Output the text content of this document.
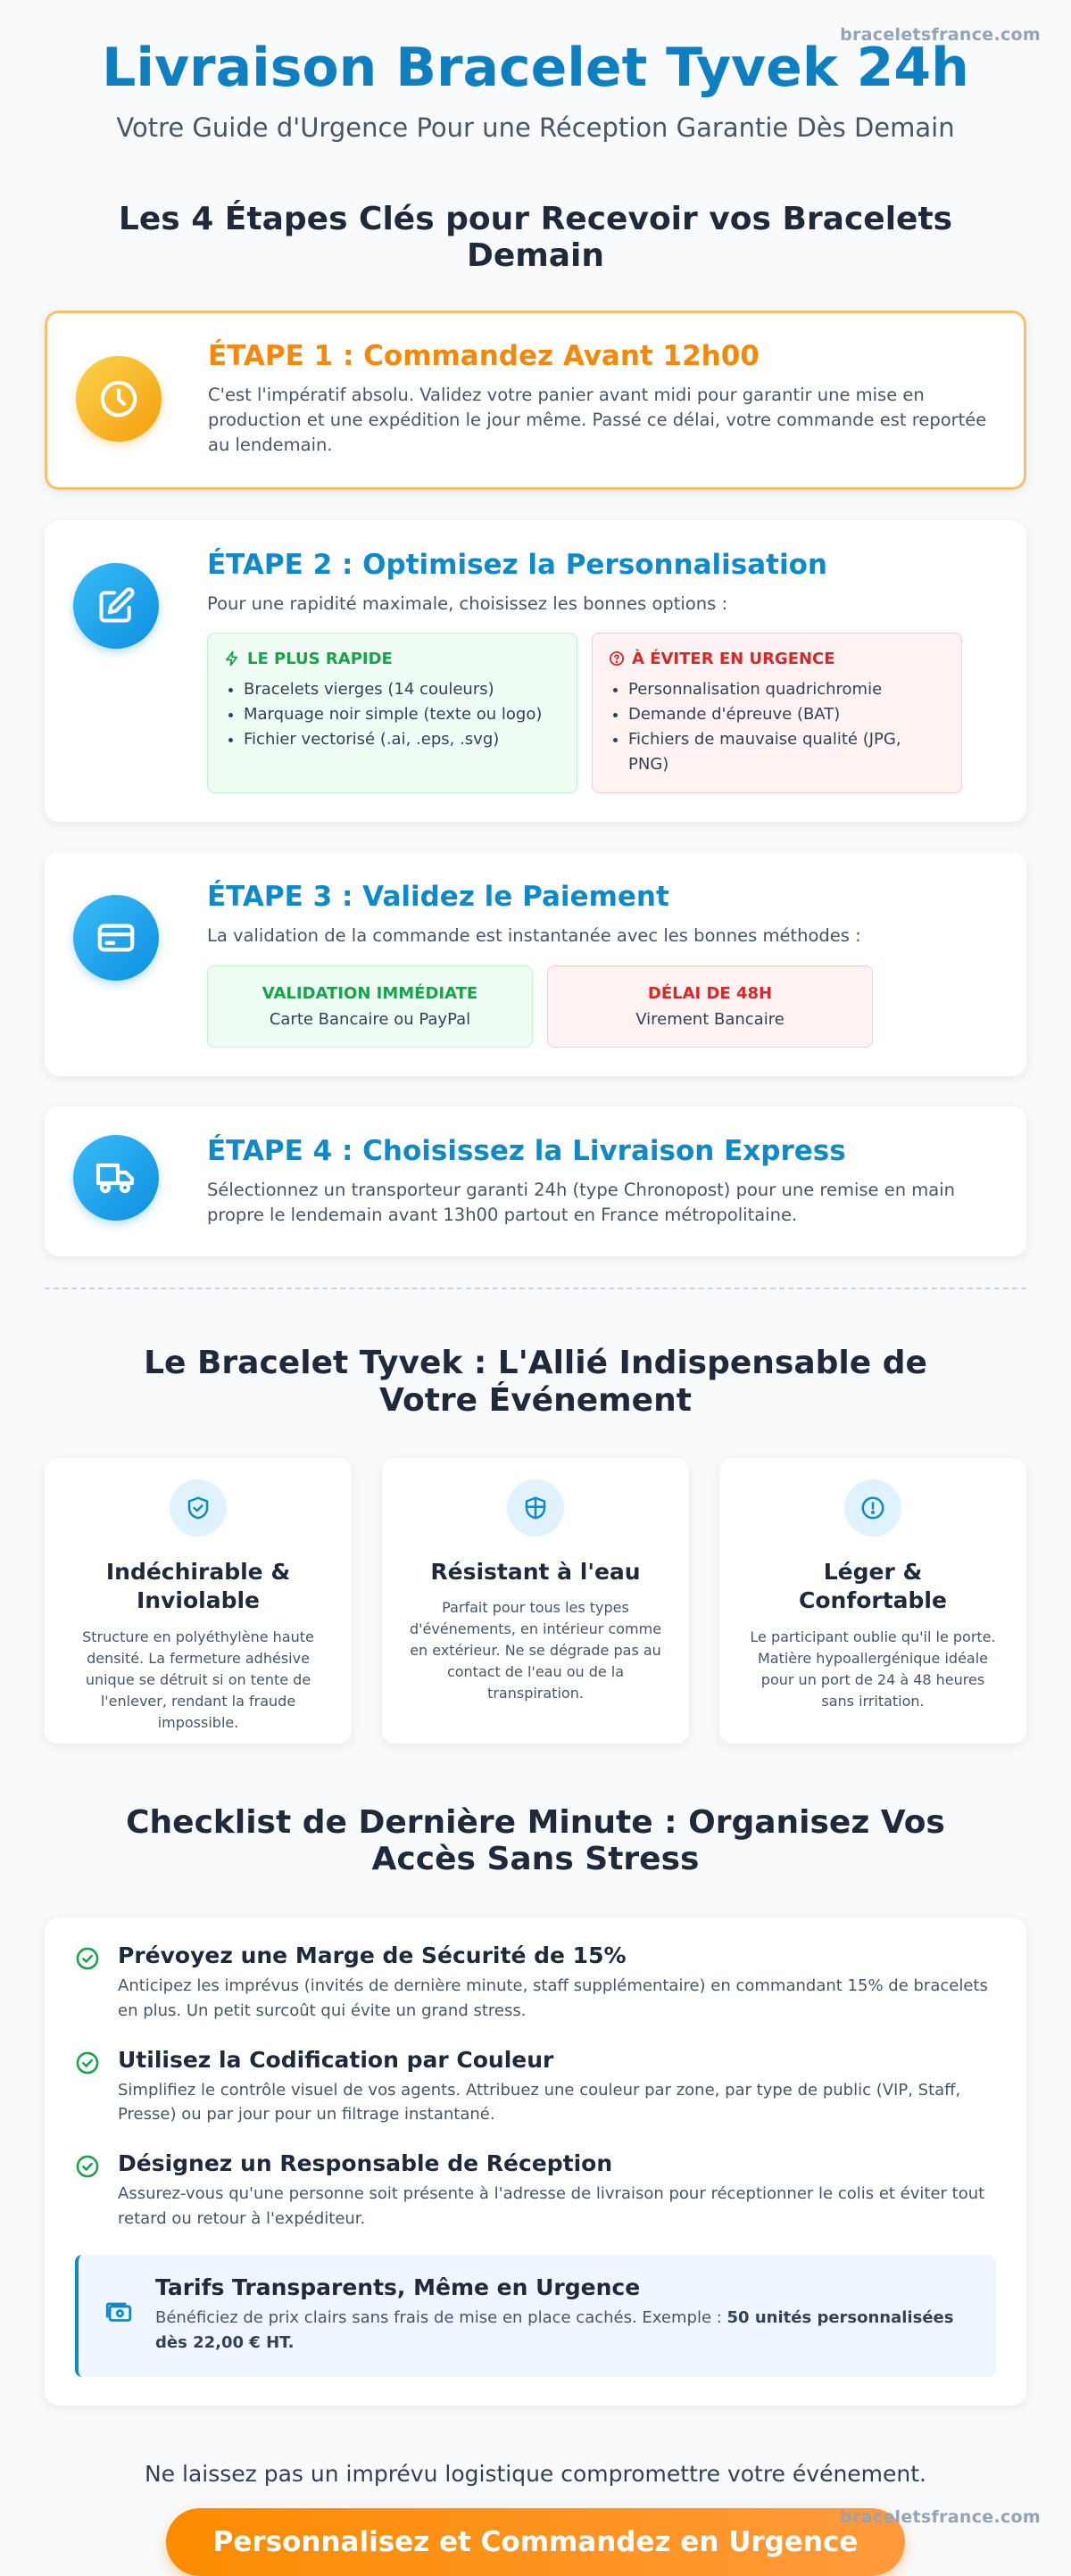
braceletsfrance.com
Livraison Bracelet Tyvek 24h

Votre Guide d'Urgence Pour une Réception Garantie Dès Demain

Les 4 Étapes Clés pour Recevoir vos Bracelets Demain
ÉTAPE 1 : Commandez Avant 12h00

C'est l'impératif absolu. Validez votre panier avant midi pour garantir une mise en production et une expédition le jour même. Passé ce délai, votre commande est reportée au lendemain.

ÉTAPE 2 : Optimisez la Personnalisation

Pour une rapidité maximale, choisissez les bonnes options :

LE PLUS RAPIDE
• Bracelets vierges (14 couleurs)
• Marquage noir simple (texte ou logo)
• Fichier vectorisé (.ai, .eps, .svg)
À ÉVITER EN URGENCE
• Personnalisation quadrichromie
• Demande d'épreuve (BAT)
• Fichiers de mauvaise qualité (JPG, PNG)
ÉTAPE 3 : Validez le Paiement

La validation de la commande est instantanée avec les bonnes méthodes :

VALIDATION IMMÉDIATE
Carte Bancaire ou PayPal
DÉLAI DE 48H
Virement Bancaire
ÉTAPE 4 : Choisissez la Livraison Express

Sélectionnez un transporteur garanti 24h (type Chronopost) pour une remise en main propre le lendemain avant 13h00 partout en France métropolitaine.

Le Bracelet Tyvek : L'Allié Indispensable de Votre Événement
Indéchirable & Inviolable

Structure en polyéthylène haute densité. La fermeture adhésive unique se détruit si on tente de l'enlever, rendant la fraude impossible.

Résistant à l'eau

Parfait pour tous les types d'événements, en intérieur comme en extérieur. Ne se dégrade pas au contact de l'eau ou de la transpiration.

Léger & Confortable

Le participant oublie qu'il le porte. Matière hypoallergénique idéale pour un port de 24 à 48 heures sans irritation.

Checklist de Dernière Minute : Organisez Vos Accès Sans Stress
Prévoyez une Marge de Sécurité de 15%
Anticipez les imprévus (invités de dernière minute, staff supplémentaire) en commandant 15% de bracelets en plus. Un petit surcoût qui évite un grand stress.
Utilisez la Codification par Couleur
Simplifiez le contrôle visuel de vos agents. Attribuez une couleur par zone, par type de public (VIP, Staff, Presse) ou par jour pour un filtrage instantané.
Désignez un Responsable de Réception
Assurez-vous qu'une personne soit présente à l'adresse de livraison pour réceptionner le colis et éviter tout retard ou retour à l'expéditeur.
Tarifs Transparents, Même en Urgence
Bénéficiez de prix clairs sans frais de mise en place cachés. Exemple : 50 unités personnalisées dès 22,00 € HT.

Ne laissez pas un imprévu logistique compromettre votre événement.

Personnalisez et Commandez en Urgence
braceletsfrance.com
